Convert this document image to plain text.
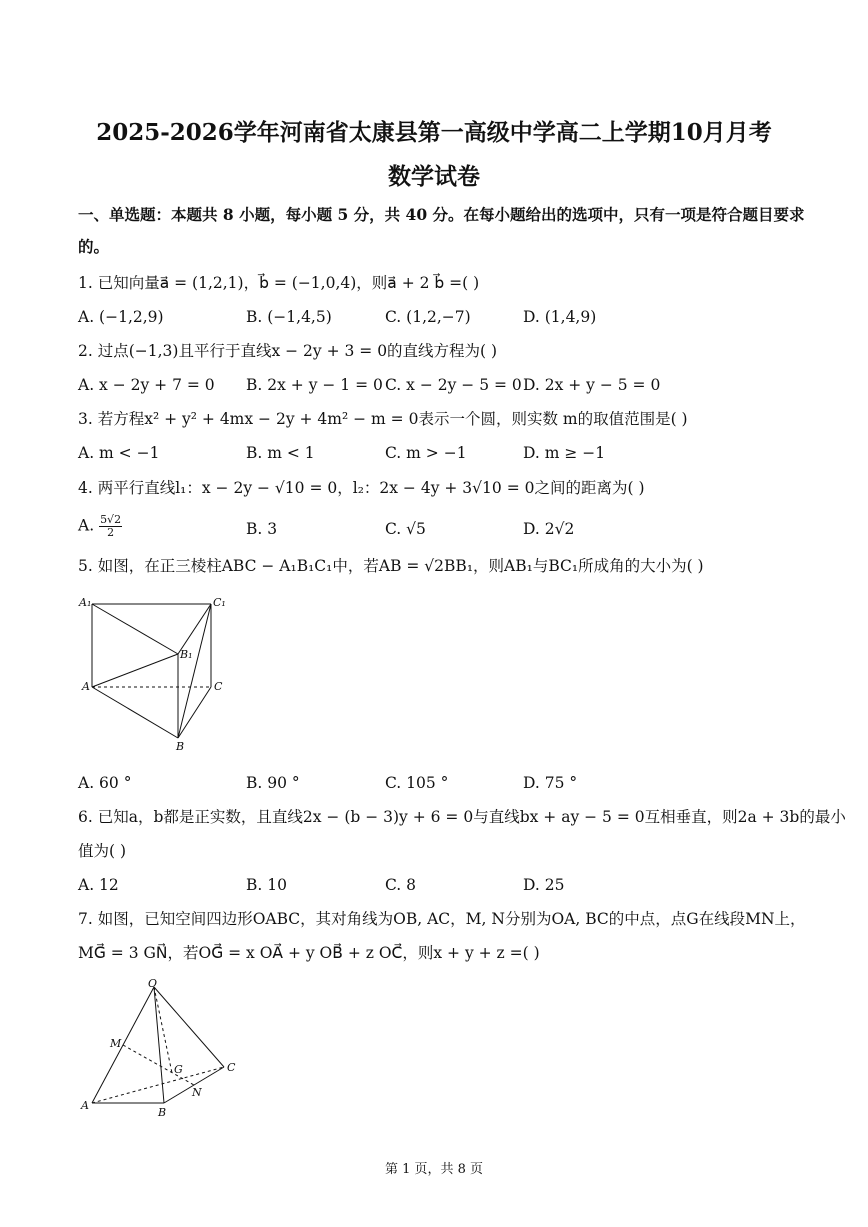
2025-2026学年河南省太康县第一高级中学高二上学期10月月考
数学试卷
一、单选题：本题共 8 小题，每小题 5 分，共 40 分。在每小题给出的选项中，只有一项是符合题目要求
的。
1. 已知向量a⃗ = (1,2,1)，b⃗ = (−1,0,4)，则a⃗ + 2 b⃗ =( )
A. (−1,2,9)	B. (−1,4,5)	C. (1,2,−7)	D. (1,4,9)
2. 过点(−1,3)且平行于直线x − 2y + 3 = 0的直线方程为( )
A. x − 2y + 7 = 0 B. 2x + y − 1 = 0 C. x − 2y − 5 = 0 D. 2x + y − 5 = 0
3. 若方程x² + y² + 4mx − 2y + 4m² − m = 0表示一个圆，则实数 m的取值范围是( )
A. m < −1	B. m < 1	C. m > −1	D. m ≥ −1
4. 两平行直线l₁：x − 2y − √10 = 0，l₂：2x − 4y + 3√10 = 0之间的距离为( )
A. $\frac{5√2}{2}$	B. 3	C. √5	D. 2√2
5. 如图，在正三棱柱ABC − A₁B₁C₁中，若AB = √2BB₁，则AB₁与BC₁所成角的大小为( )
A₁	C₁
B₁
A	C
B
A. 60 °	B. 90 °	C. 105 °	D. 75 °
6. 已知a，b都是正实数，且直线2x − (b − 3)y + 6 = 0与直线bx + ay − 5 = 0互相垂直，则2a + 3b的最小
值为( )
A. 12	B. 10	C. 8	D. 25
7. 如图，已知空间四边形OABC，其对角线为OB, AC，M, N分别为OA, BC的中点，点G在线段MN上，
MG⃗ = 3 GN⃗，若OG⃗ = x OA⃗ + y OB⃗ + z OC⃗，则x + y + z =( )
O
M
G	C
N
A
B
第 1 页，共 8 页
